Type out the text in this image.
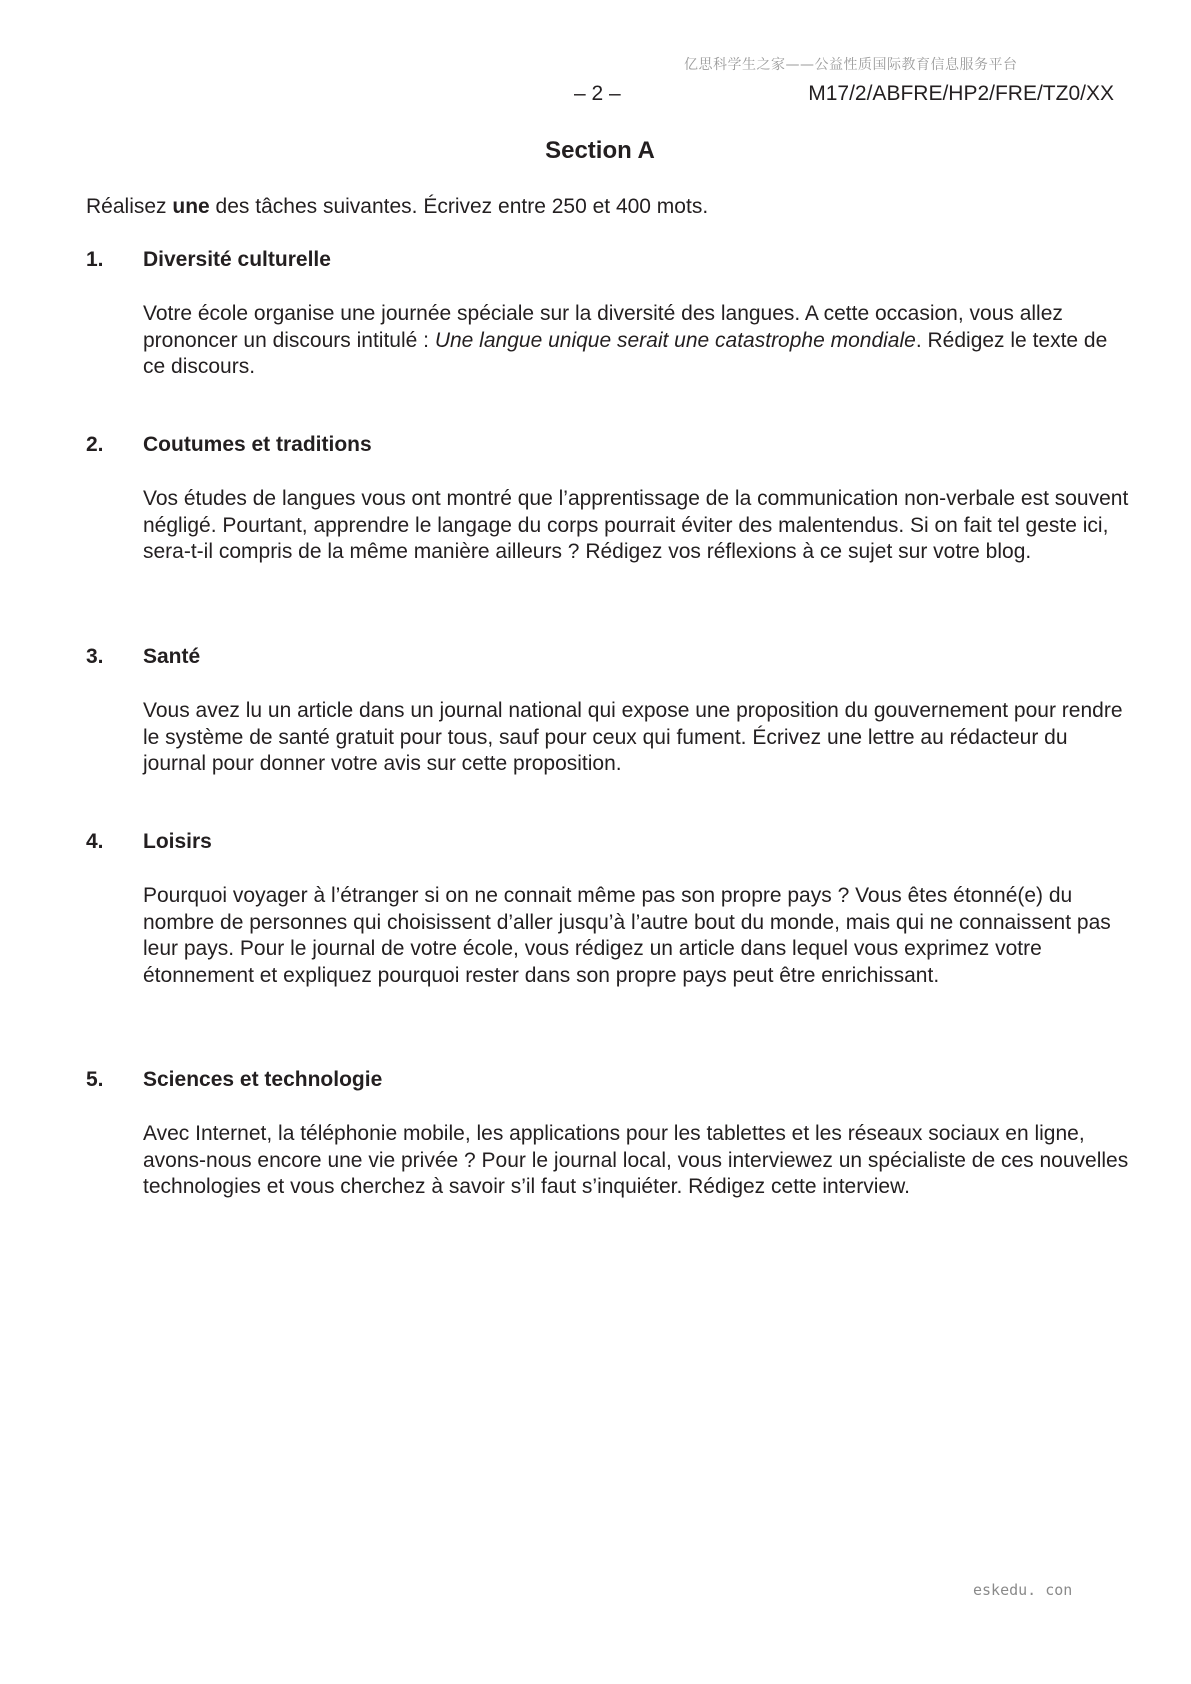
亿思科学生之家——公益性质国际教育信息服务平台
– 2 –	M17/2/ABFRE/HP2/FRE/TZ0/XX
Section A
Réalisez une des tâches suivantes. Écrivez entre 250 et 400 mots.
1. Diversité culturelle
Votre école organise une journée spéciale sur la diversité des langues. A cette occasion, vous allez prononcer un discours intitulé : Une langue unique serait une catastrophe mondiale. Rédigez le texte de ce discours.
2. Coutumes et traditions
Vos études de langues vous ont montré que l’apprentissage de la communication non-verbale est souvent négligé. Pourtant, apprendre le langage du corps pourrait éviter des malentendus. Si on fait tel geste ici, sera-t-il compris de la même manière ailleurs ? Rédigez vos réflexions à ce sujet sur votre blog.
3. Santé
Vous avez lu un article dans un journal national qui expose une proposition du gouvernement pour rendre le système de santé gratuit pour tous, sauf pour ceux qui fument. Écrivez une lettre au rédacteur du journal pour donner votre avis sur cette proposition.
4. Loisirs
Pourquoi voyager à l’étranger si on ne connait même pas son propre pays ? Vous êtes étonné(e) du nombre de personnes qui choisissent d’aller jusqu’à l’autre bout du monde, mais qui ne connaissent pas leur pays. Pour le journal de votre école, vous rédigez un article dans lequel vous exprimez votre étonnement et expliquez pourquoi rester dans son propre pays peut être enrichissant.
5. Sciences et technologie
Avec Internet, la téléphonie mobile, les applications pour les tablettes et les réseaux sociaux en ligne, avons-nous encore une vie privée ? Pour le journal local, vous interviewez un spécialiste de ces nouvelles technologies et vous cherchez à savoir s’il faut s’inquiéter. Rédigez cette interview.
eskedu. con
